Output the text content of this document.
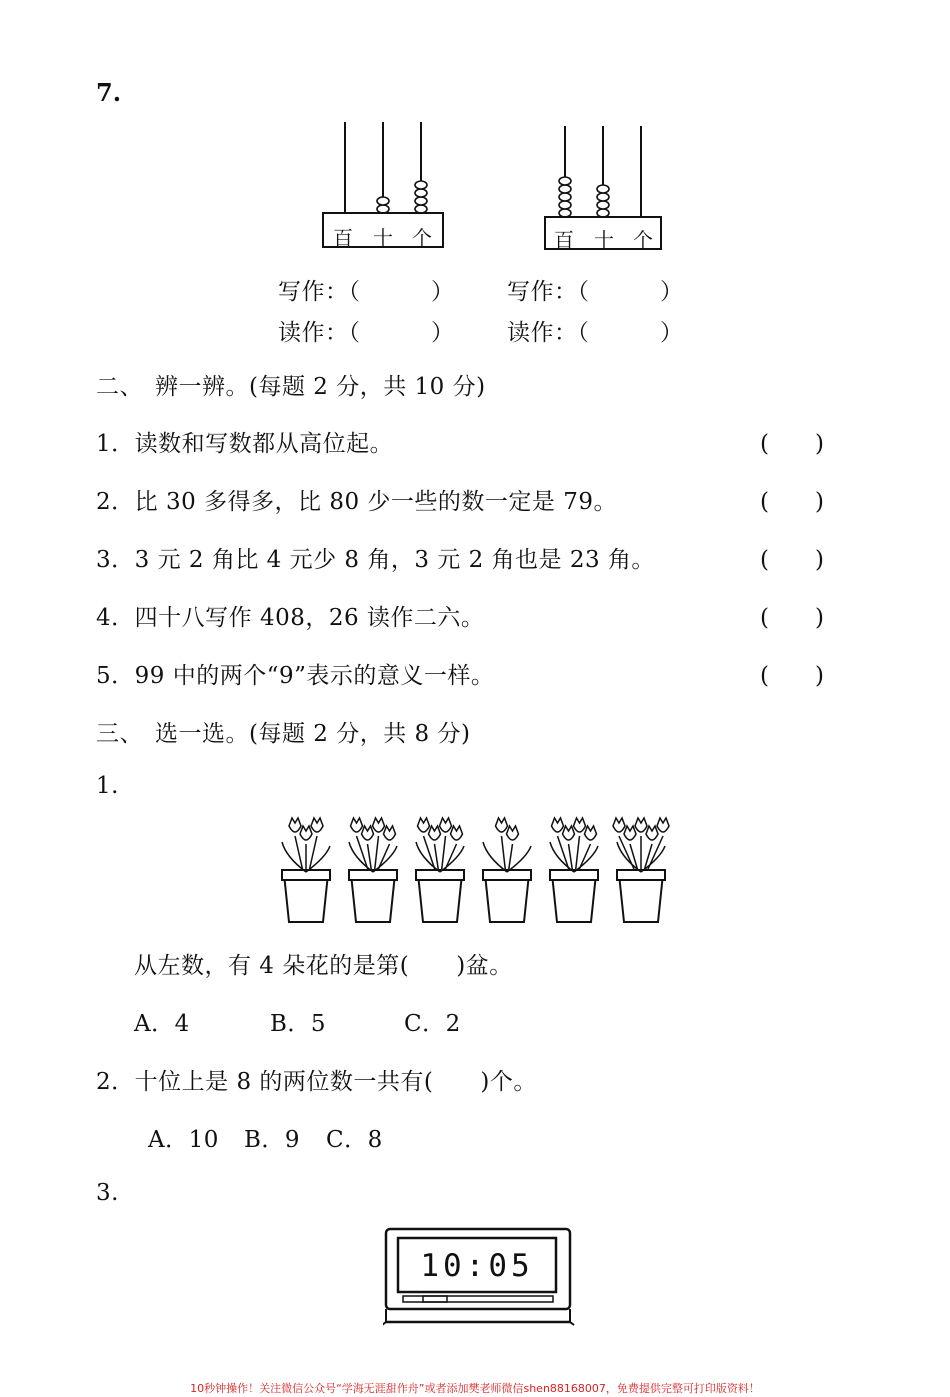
7.
百 十 个	百 十 个
写作：（　　　） 写作：（　　　）
读作：（　　　） 读作：（　　　）
二、　辨一辨。(每题 2 分，共 10 分)
1．读数和写数都从高位起。	(　　)
2．比 30 多得多，比 80 少一些的数一定是 79。	(　　)
3．3 元 2 角比 4 元少 8 角，3 元 2 角也是 23 角。	(　　)
4．四十八写作 408，26 读作二六。	(　　)
5．99 中的两个“9”表示的意义一样。	(　　)
三、　选一选。(每题 2 分，共 8 分)
1.
从左数，有 4 朵花的是第(　　)盆。
A．4	B．5	C．2
2．十位上是 8 的两位数一共有(　　)个。
A．10 B．9 C．8
3.
10:05
10秒钟操作！关注微信公众号“学海无涯甜作舟”或者添加樊老师微信shen88168007，免费提供完整可打印版资料！
